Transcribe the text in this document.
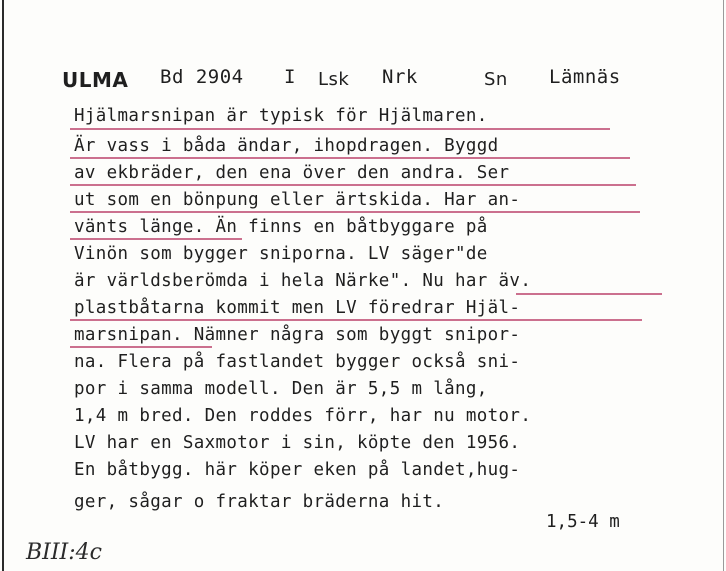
ULMA Bd 2904 I Lsk Nrk	Sn Lämnäs
Hjälmarsnipan är typisk för Hjälmaren.
Är vass i båda ändar, ihopdragen. Byggd
av ekbräder, den ena över den andra. Ser
ut som en bönpung eller ärtskida. Har an-
vänts länge. Än finns en båtbyggare på
Vinön som bygger sniporna. LV säger"de
är världsberömda i hela Närke". Nu har äv.
plastbåtarna kommit men LV föredrar Hjäl-
marsnipan. Nämner några som byggt snipor-
na. Flera på fastlandet bygger också sni-
por i samma modell. Den är 5,5 m lång,
1,4 m bred. Den roddes förr, har nu motor.
LV har en Saxmotor i sin, köpte den 1956.
En båtbygg. här köper eken på landet,hug-
ger, sågar o fraktar bräderna hit.
1,5-4 m
BIII:4c
